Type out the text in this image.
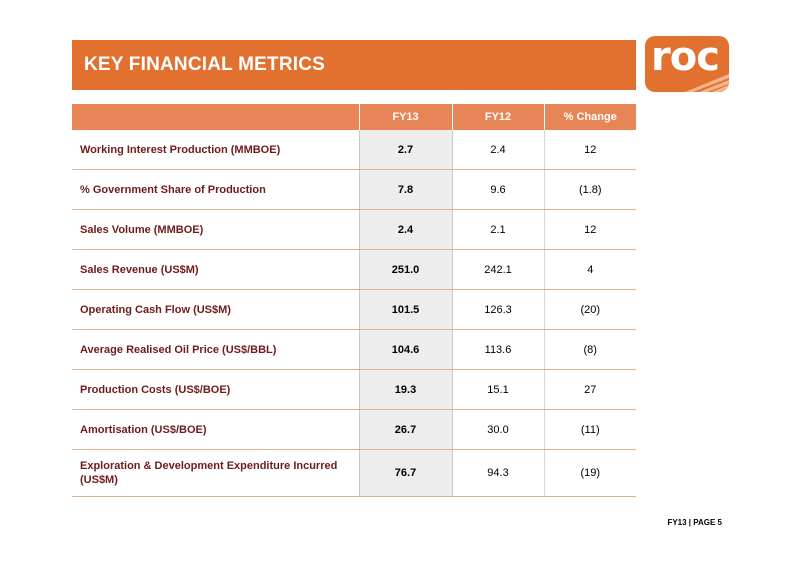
KEY FINANCIAL METRICS	roc
	FY13	FY12	% Change
Working Interest Production (MMBOE)	2.7	2.4	12
% Government Share of Production	7.8	9.6	(1.8)
Sales Volume (MMBOE)	2.4	2.1	12
Sales Revenue (US$M)	251.0	242.1	4
Operating Cash Flow (US$M)	101.5	126.3	(20)
Average Realised Oil Price (US$/BBL)	104.6	113.6	(8)
Production Costs (US$/BOE)	19.3	15.1	27
Amortisation (US$/BOE)	26.7	30.0	(11)
Exploration & Development Expenditure Incurred (US$M)	76.7	94.3	(19)
FY13 | PAGE 5
